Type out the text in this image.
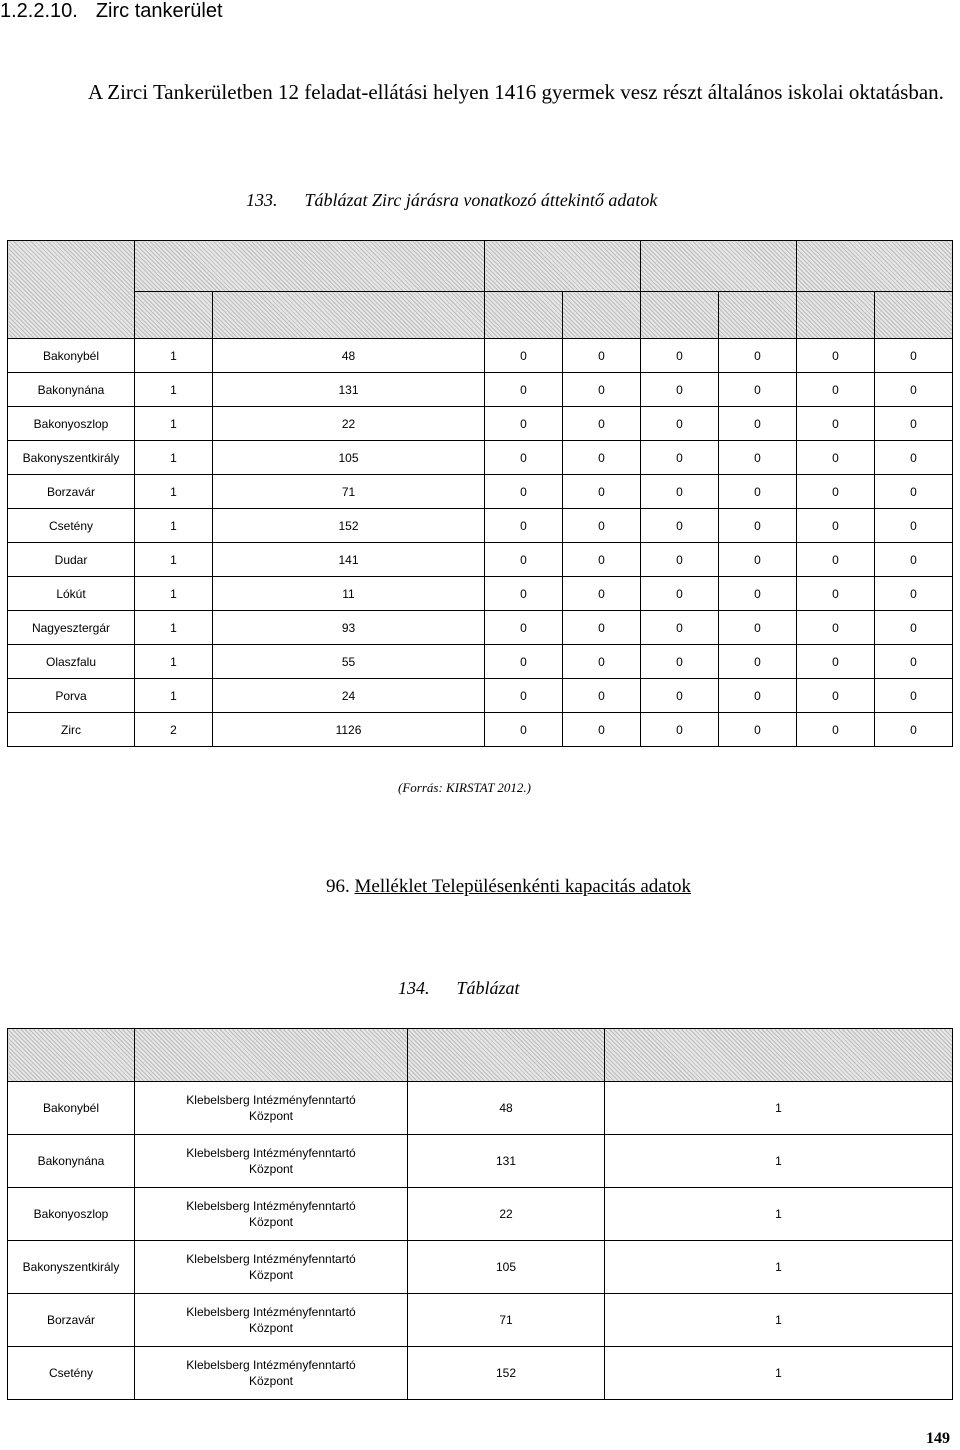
1.2.2.10. Zirc tankerület

A Zirci Tankerületben 12 feladat-ellátási helyen 1416 gyermek vesz részt általános iskolai oktatásban.

133. Táblázat Zirc járásra vonatkozó áttekintő adatok

Bakonybél	1	48	0	0	0	0	0	0
Bakonynána	1	131	0	0	0	0	0	0
Bakonyoszlop	1	22	0	0	0	0	0	0
Bakonyszentkirály	1	105	0	0	0	0	0	0
Borzavár	1	71	0	0	0	0	0	0
Csetény	1	152	0	0	0	0	0	0
Dudar	1	141	0	0	0	0	0	0
Lókút	1	11	0	0	0	0	0	0
Nagyesztergár	1	93	0	0	0	0	0	0
Olaszfalu	1	55	0	0	0	0	0	0
Porva	1	24	0	0	0	0	0	0
Zirc	2	1126	0	0	0	0	0	0
(Forrás: KIRSTAT 2012.)
96. Melléklet Településenkénti kapacitás adatok
134. Táblázat

Bakonybél	Klebelsberg Intézményfenntartó
Központ	48	1
Bakonynána	Klebelsberg Intézményfenntartó
Központ	131	1
Bakonyoszlop	Klebelsberg Intézményfenntartó
Központ	22	1
Bakonyszentkirály	Klebelsberg Intézményfenntartó
Központ	105	1
Borzavár	Klebelsberg Intézményfenntartó
Központ	71	1
Csetény	Klebelsberg Intézményfenntartó
Központ	152	1
149
